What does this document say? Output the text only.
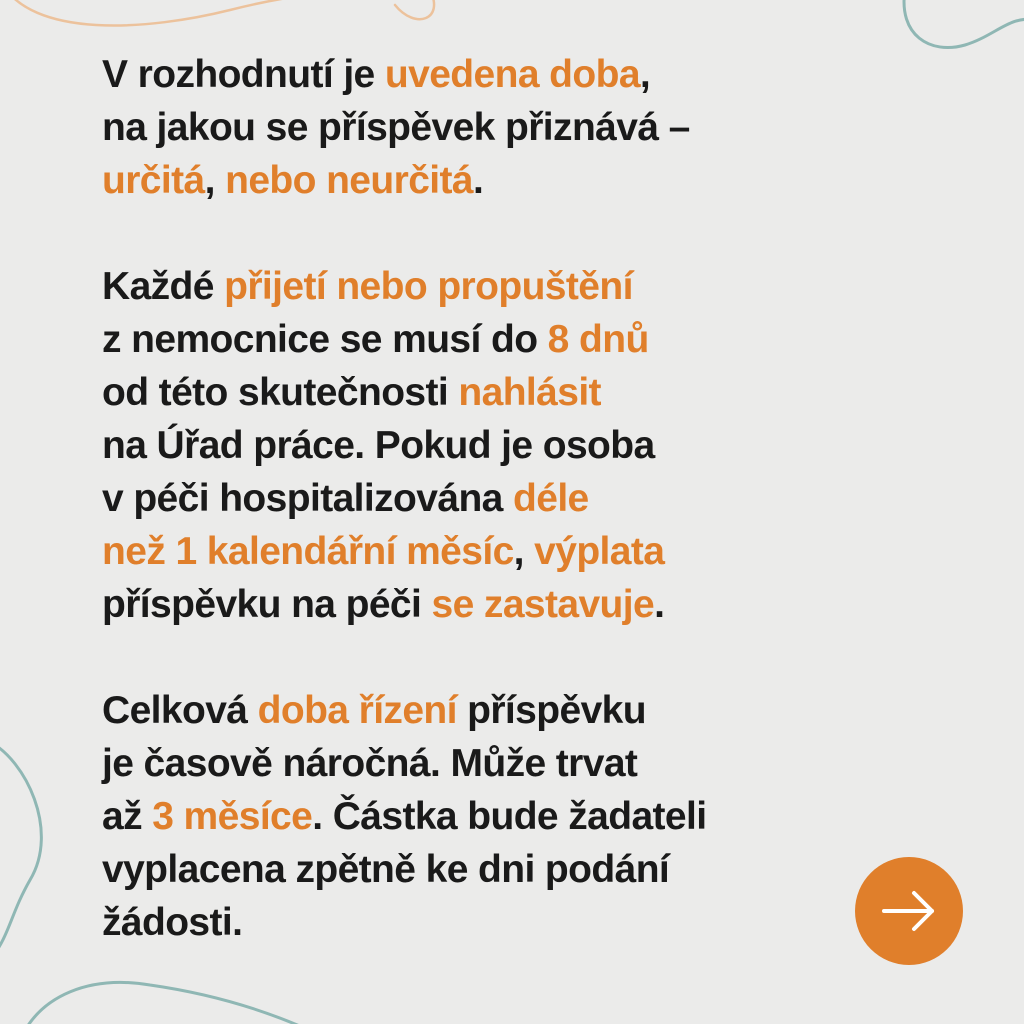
V rozhodnutí je uvedena doba,
na jakou se příspěvek přiznává –
určitá, nebo neurčitá.

Každé přijetí nebo propuštění
z nemocnice se musí do 8 dnů
od této skutečnosti nahlásit
na Úřad práce. Pokud je osoba
v péči hospitalizována déle
než 1 kalendářní měsíc, výplata
příspěvku na péči se zastavuje.

Celková doba řízení příspěvku
je časově náročná. Může trvat
až 3 měsíce. Částka bude žadateli
vyplacena zpětně ke dni podání
žádosti.
